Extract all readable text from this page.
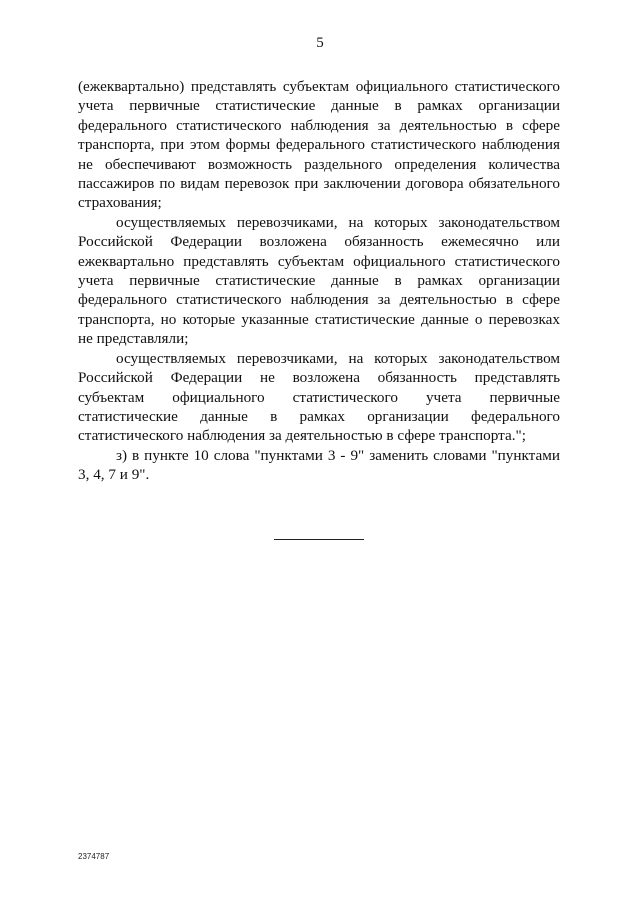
5

(ежеквартально) представлять субъектам официального статистического учета первичные статистические данные в рамках организации федерального статистического наблюдения за деятельностью в сфере транспорта, при этом формы федерального статистического наблюдения не обеспечивают возможность раздельного определения количества пассажиров по видам перевозок при заключении договора обязательного страхования;

осуществляемых перевозчиками, на которых законодательством Российской Федерации возложена обязанность ежемесячно или ежеквартально представлять субъектам официального статистического учета первичные статистические данные в рамках организации федерального статистического наблюдения за деятельностью в сфере транспорта, но которые указанные статистические данные о перевозках не представляли;

осуществляемых перевозчиками, на которых законодательством Российской Федерации не возложена обязанность представлять субъектам официального статистического учета первичные статистические данные в рамках организации федерального статистического наблюдения за деятельностью в сфере транспорта.";

з) в пункте 10 слова "пунктами 3 - 9" заменить словами "пунктами 3, 4, 7 и 9".

2374787
